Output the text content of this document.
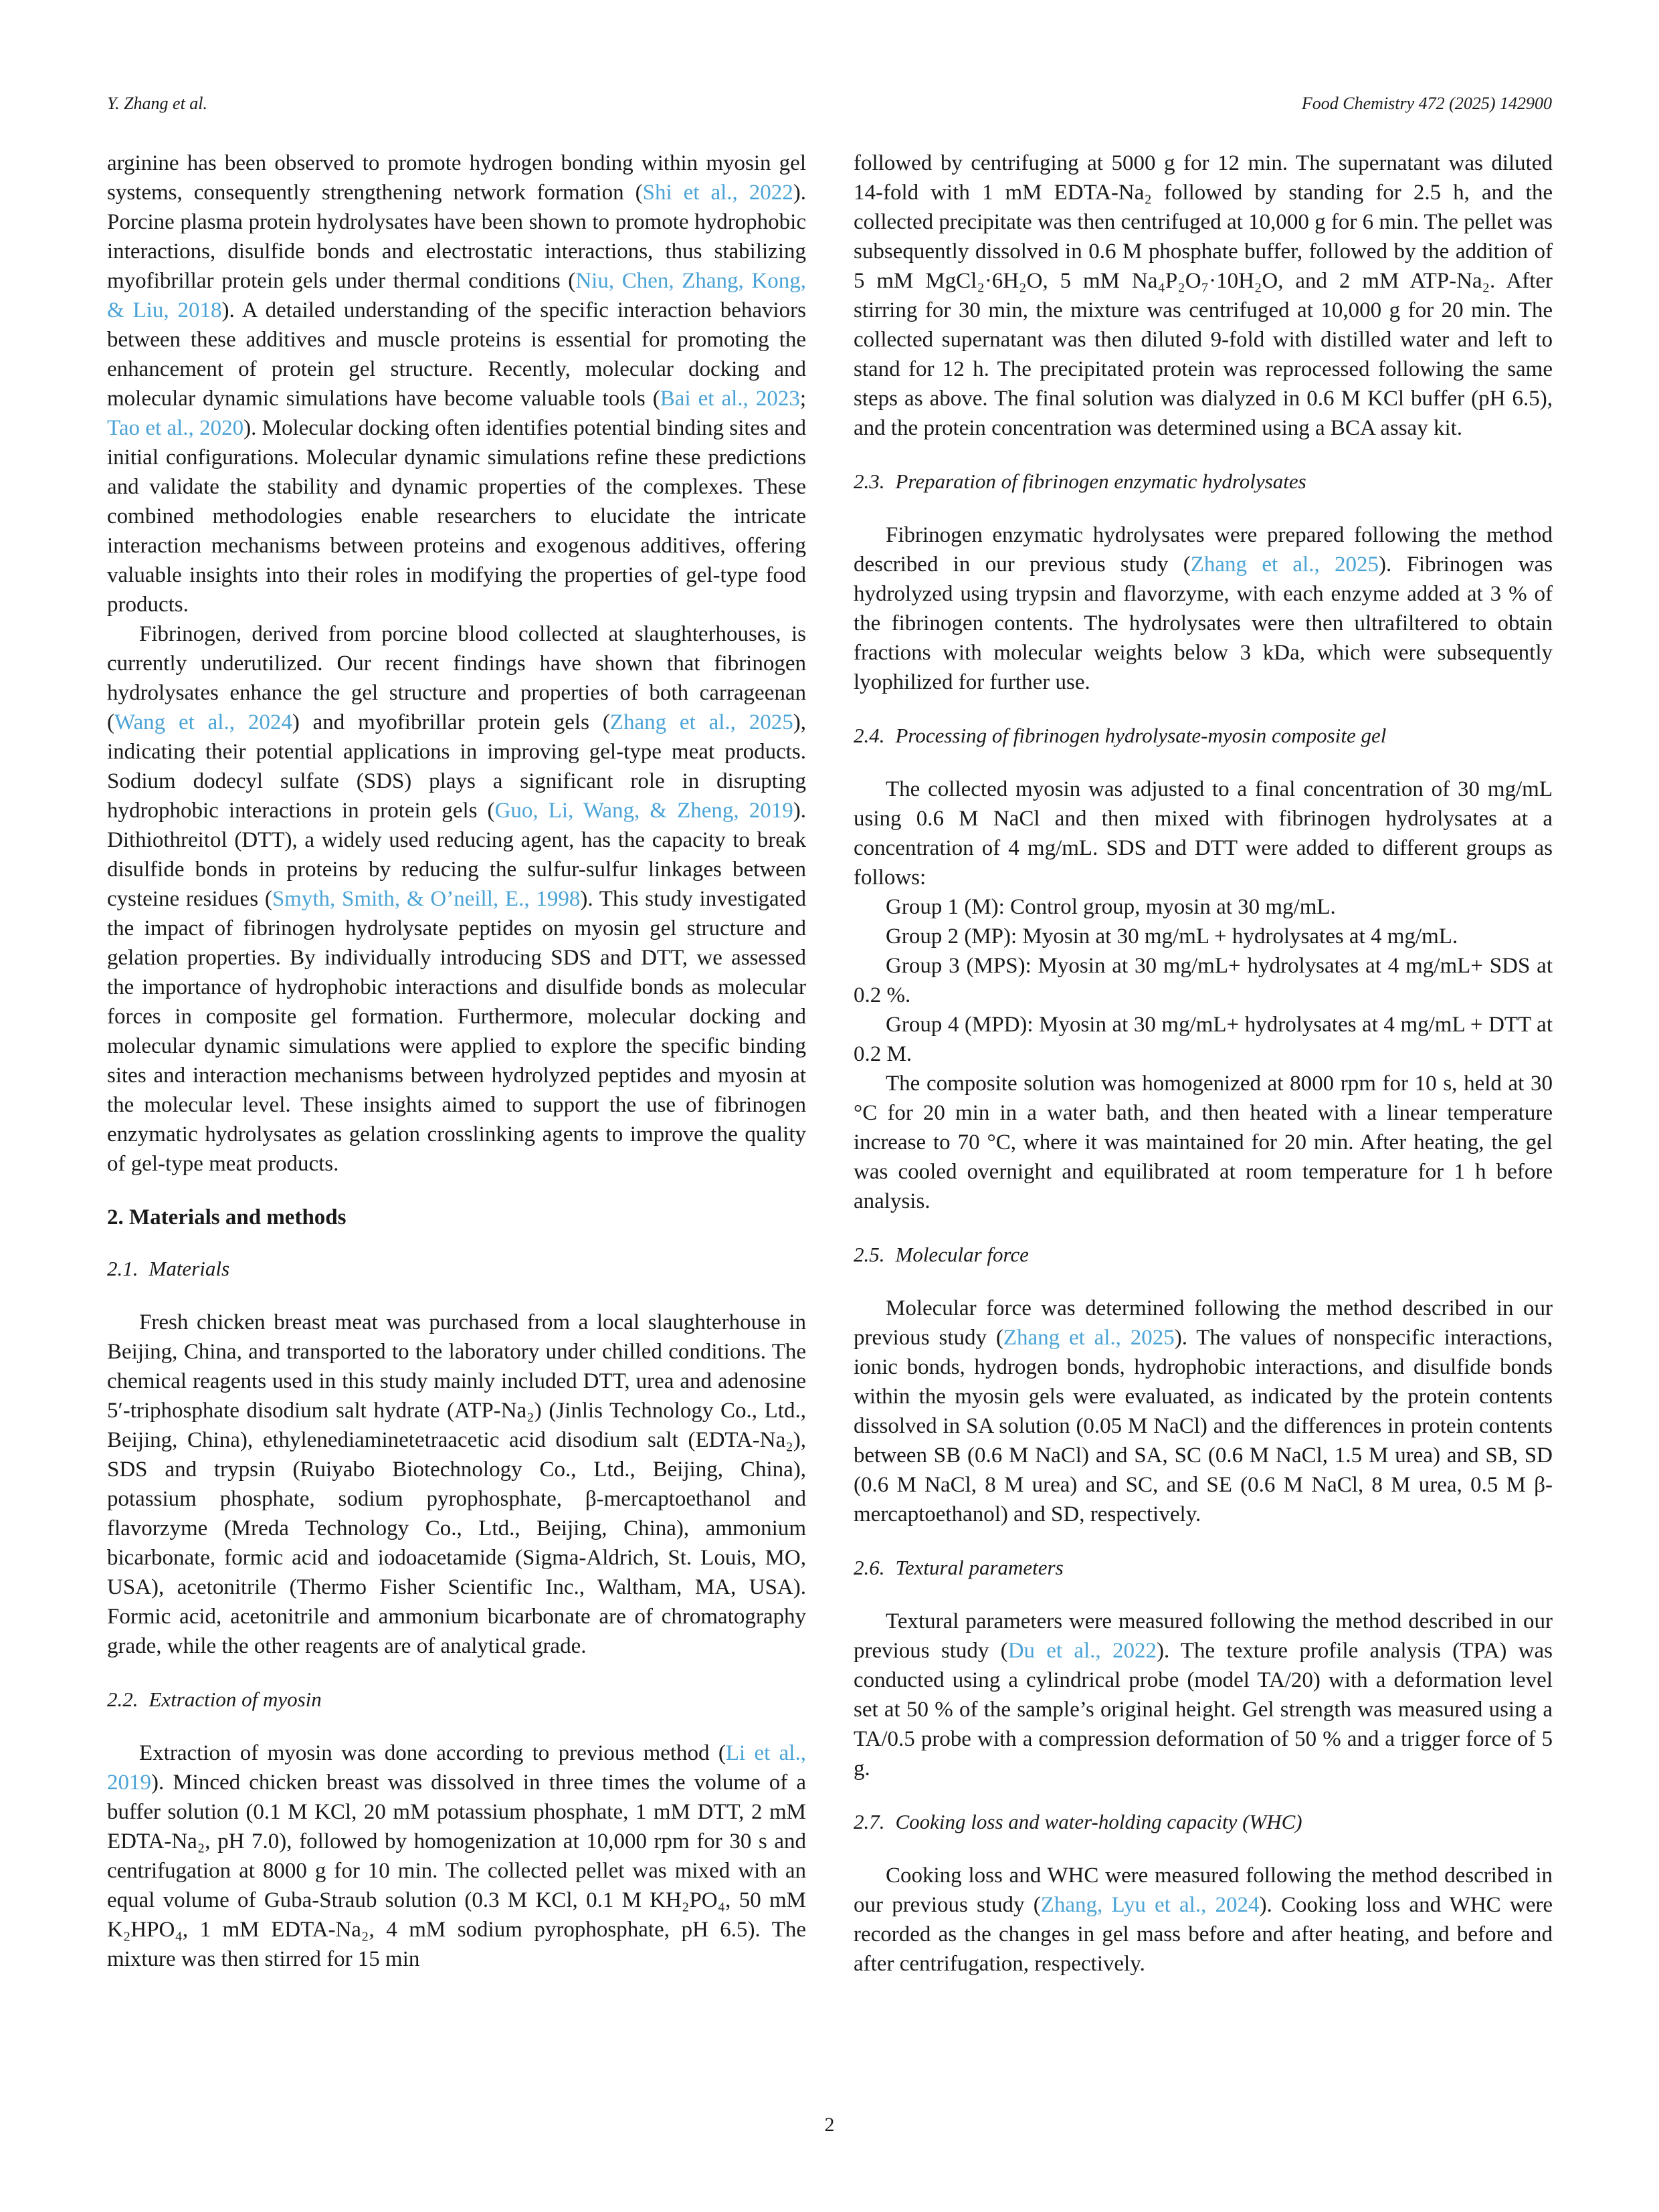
Y. Zhang et al.	Food Chemistry 472 (2025) 142900

arginine has been observed to promote hydrogen bonding within myosin gel systems, consequently strengthening network formation (Shi et al., 2022). Porcine plasma protein hydrolysates have been shown to promote hydrophobic interactions, disulfide bonds and electrostatic interactions, thus stabilizing myofibrillar protein gels under thermal conditions (Niu, Chen, Zhang, Kong, & Liu, 2018). A detailed understanding of the specific interaction behaviors between these additives and muscle proteins is essential for promoting the enhancement of protein gel structure. Recently, molecular docking and molecular dynamic simulations have become valuable tools (Bai et al., 2023; Tao et al., 2020). Molecular docking often identifies potential binding sites and initial configurations. Molecular dynamic simulations refine these predictions and validate the stability and dynamic properties of the complexes. These combined methodologies enable researchers to elucidate the intricate interaction mechanisms between proteins and exogenous additives, offering valuable insights into their roles in modifying the properties of gel-type food products.

Fibrinogen, derived from porcine blood collected at slaughterhouses, is currently underutilized. Our recent findings have shown that fibrinogen hydrolysates enhance the gel structure and properties of both carrageenan (Wang et al., 2024) and myofibrillar protein gels (Zhang et al., 2025), indicating their potential applications in improving gel-type meat products. Sodium dodecyl sulfate (SDS) plays a significant role in disrupting hydrophobic interactions in protein gels (Guo, Li, Wang, & Zheng, 2019). Dithiothreitol (DTT), a widely used reducing agent, has the capacity to break disulfide bonds in proteins by reducing the sulfur-sulfur linkages between cysteine residues (Smyth, Smith, & O’neill, E., 1998). This study investigated the impact of fibrinogen hydrolysate peptides on myosin gel structure and gelation properties. By individually introducing SDS and DTT, we assessed the importance of hydrophobic interactions and disulfide bonds as molecular forces in composite gel formation. Furthermore, molecular docking and molecular dynamic simulations were applied to explore the specific binding sites and interaction mechanisms between hydrolyzed peptides and myosin at the molecular level. These insights aimed to support the use of fibrinogen enzymatic hydrolysates as gelation crosslinking agents to improve the quality of gel-type meat products.

2. Materials and methods
2.1. Materials

Fresh chicken breast meat was purchased from a local slaughterhouse in Beijing, China, and transported to the laboratory under chilled conditions. The chemical reagents used in this study mainly included DTT, urea and adenosine 5′-triphosphate disodium salt hydrate (ATP-Na₂) (Jinlis Technology Co., Ltd., Beijing, China), ethylenediaminetetraacetic acid disodium salt (EDTA-Na₂), SDS and trypsin (Ruiyabo Biotechnology Co., Ltd., Beijing, China), potassium phosphate, sodium pyrophosphate, β-mercaptoethanol and flavorzyme (Mreda Technology Co., Ltd., Beijing, China), ammonium bicarbonate, formic acid and iodoacetamide (Sigma-Aldrich, St. Louis, MO, USA), acetonitrile (Thermo Fisher Scientific Inc., Waltham, MA, USA). Formic acid, acetonitrile and ammonium bicarbonate are of chromatography grade, while the other reagents are of analytical grade.

2.2. Extraction of myosin

Extraction of myosin was done according to previous method (Li et al., 2019). Minced chicken breast was dissolved in three times the volume of a buffer solution (0.1 M KCl, 20 mM potassium phosphate, 1 mM DTT, 2 mM EDTA-Na₂, pH 7.0), followed by homogenization at 10,000 rpm for 30 s and centrifugation at 8000 g for 10 min. The collected pellet was mixed with an equal volume of Guba-Straub solution (0.3 M KCl, 0.1 M KH₂PO₄, 50 mM K₂HPO₄, 1 mM EDTA-Na₂, 4 mM sodium pyrophosphate, pH 6.5). The mixture was then stirred for 15 min

followed by centrifuging at 5000 g for 12 min. The supernatant was diluted 14-fold with 1 mM EDTA-Na₂ followed by standing for 2.5 h, and the collected precipitate was then centrifuged at 10,000 g for 6 min. The pellet was subsequently dissolved in 0.6 M phosphate buffer, followed by the addition of 5 mM MgCl₂·6H₂O, 5 mM Na₄P₂O₇·10H₂O, and 2 mM ATP-Na₂. After stirring for 30 min, the mixture was centrifuged at 10,000 g for 20 min. The collected supernatant was then diluted 9-fold with distilled water and left to stand for 12 h. The precipitated protein was reprocessed following the same steps as above. The final solution was dialyzed in 0.6 M KCl buffer (pH 6.5), and the protein concentration was determined using a BCA assay kit.

2.3. Preparation of fibrinogen enzymatic hydrolysates

Fibrinogen enzymatic hydrolysates were prepared following the method described in our previous study (Zhang et al., 2025). Fibrinogen was hydrolyzed using trypsin and flavorzyme, with each enzyme added at 3 % of the fibrinogen contents. The hydrolysates were then ultrafiltered to obtain fractions with molecular weights below 3 kDa, which were subsequently lyophilized for further use.

2.4. Processing of fibrinogen hydrolysate-myosin composite gel

The collected myosin was adjusted to a final concentration of 30 mg/mL using 0.6 M NaCl and then mixed with fibrinogen hydrolysates at a concentration of 4 mg/mL. SDS and DTT were added to different groups as follows:

Group 1 (M): Control group, myosin at 30 mg/mL.

Group 2 (MP): Myosin at 30 mg/mL + hydrolysates at 4 mg/mL.

Group 3 (MPS): Myosin at 30 mg/mL+ hydrolysates at 4 mg/mL+ SDS at 0.2 %.

Group 4 (MPD): Myosin at 30 mg/mL+ hydrolysates at 4 mg/mL + DTT at 0.2 M.

The composite solution was homogenized at 8000 rpm for 10 s, held at 30 °C for 20 min in a water bath, and then heated with a linear temperature increase to 70 °C, where it was maintained for 20 min. After heating, the gel was cooled overnight and equilibrated at room temperature for 1 h before analysis.

2.5. Molecular force

Molecular force was determined following the method described in our previous study (Zhang et al., 2025). The values of nonspecific interactions, ionic bonds, hydrogen bonds, hydrophobic interactions, and disulfide bonds within the myosin gels were evaluated, as indicated by the protein contents dissolved in SA solution (0.05 M NaCl) and the differences in protein contents between SB (0.6 M NaCl) and SA, SC (0.6 M NaCl, 1.5 M urea) and SB, SD (0.6 M NaCl, 8 M urea) and SC, and SE (0.6 M NaCl, 8 M urea, 0.5 M β-mercaptoethanol) and SD, respectively.

2.6. Textural parameters

Textural parameters were measured following the method described in our previous study (Du et al., 2022). The texture profile analysis (TPA) was conducted using a cylindrical probe (model TA/20) with a deformation level set at 50 % of the sample’s original height. Gel strength was measured using a TA/0.5 probe with a compression deformation of 50 % and a trigger force of 5 g.

2.7. Cooking loss and water-holding capacity (WHC)

Cooking loss and WHC were measured following the method described in our previous study (Zhang, Lyu et al., 2024). Cooking loss and WHC were recorded as the changes in gel mass before and after heating, and before and after centrifugation, respectively.

2
